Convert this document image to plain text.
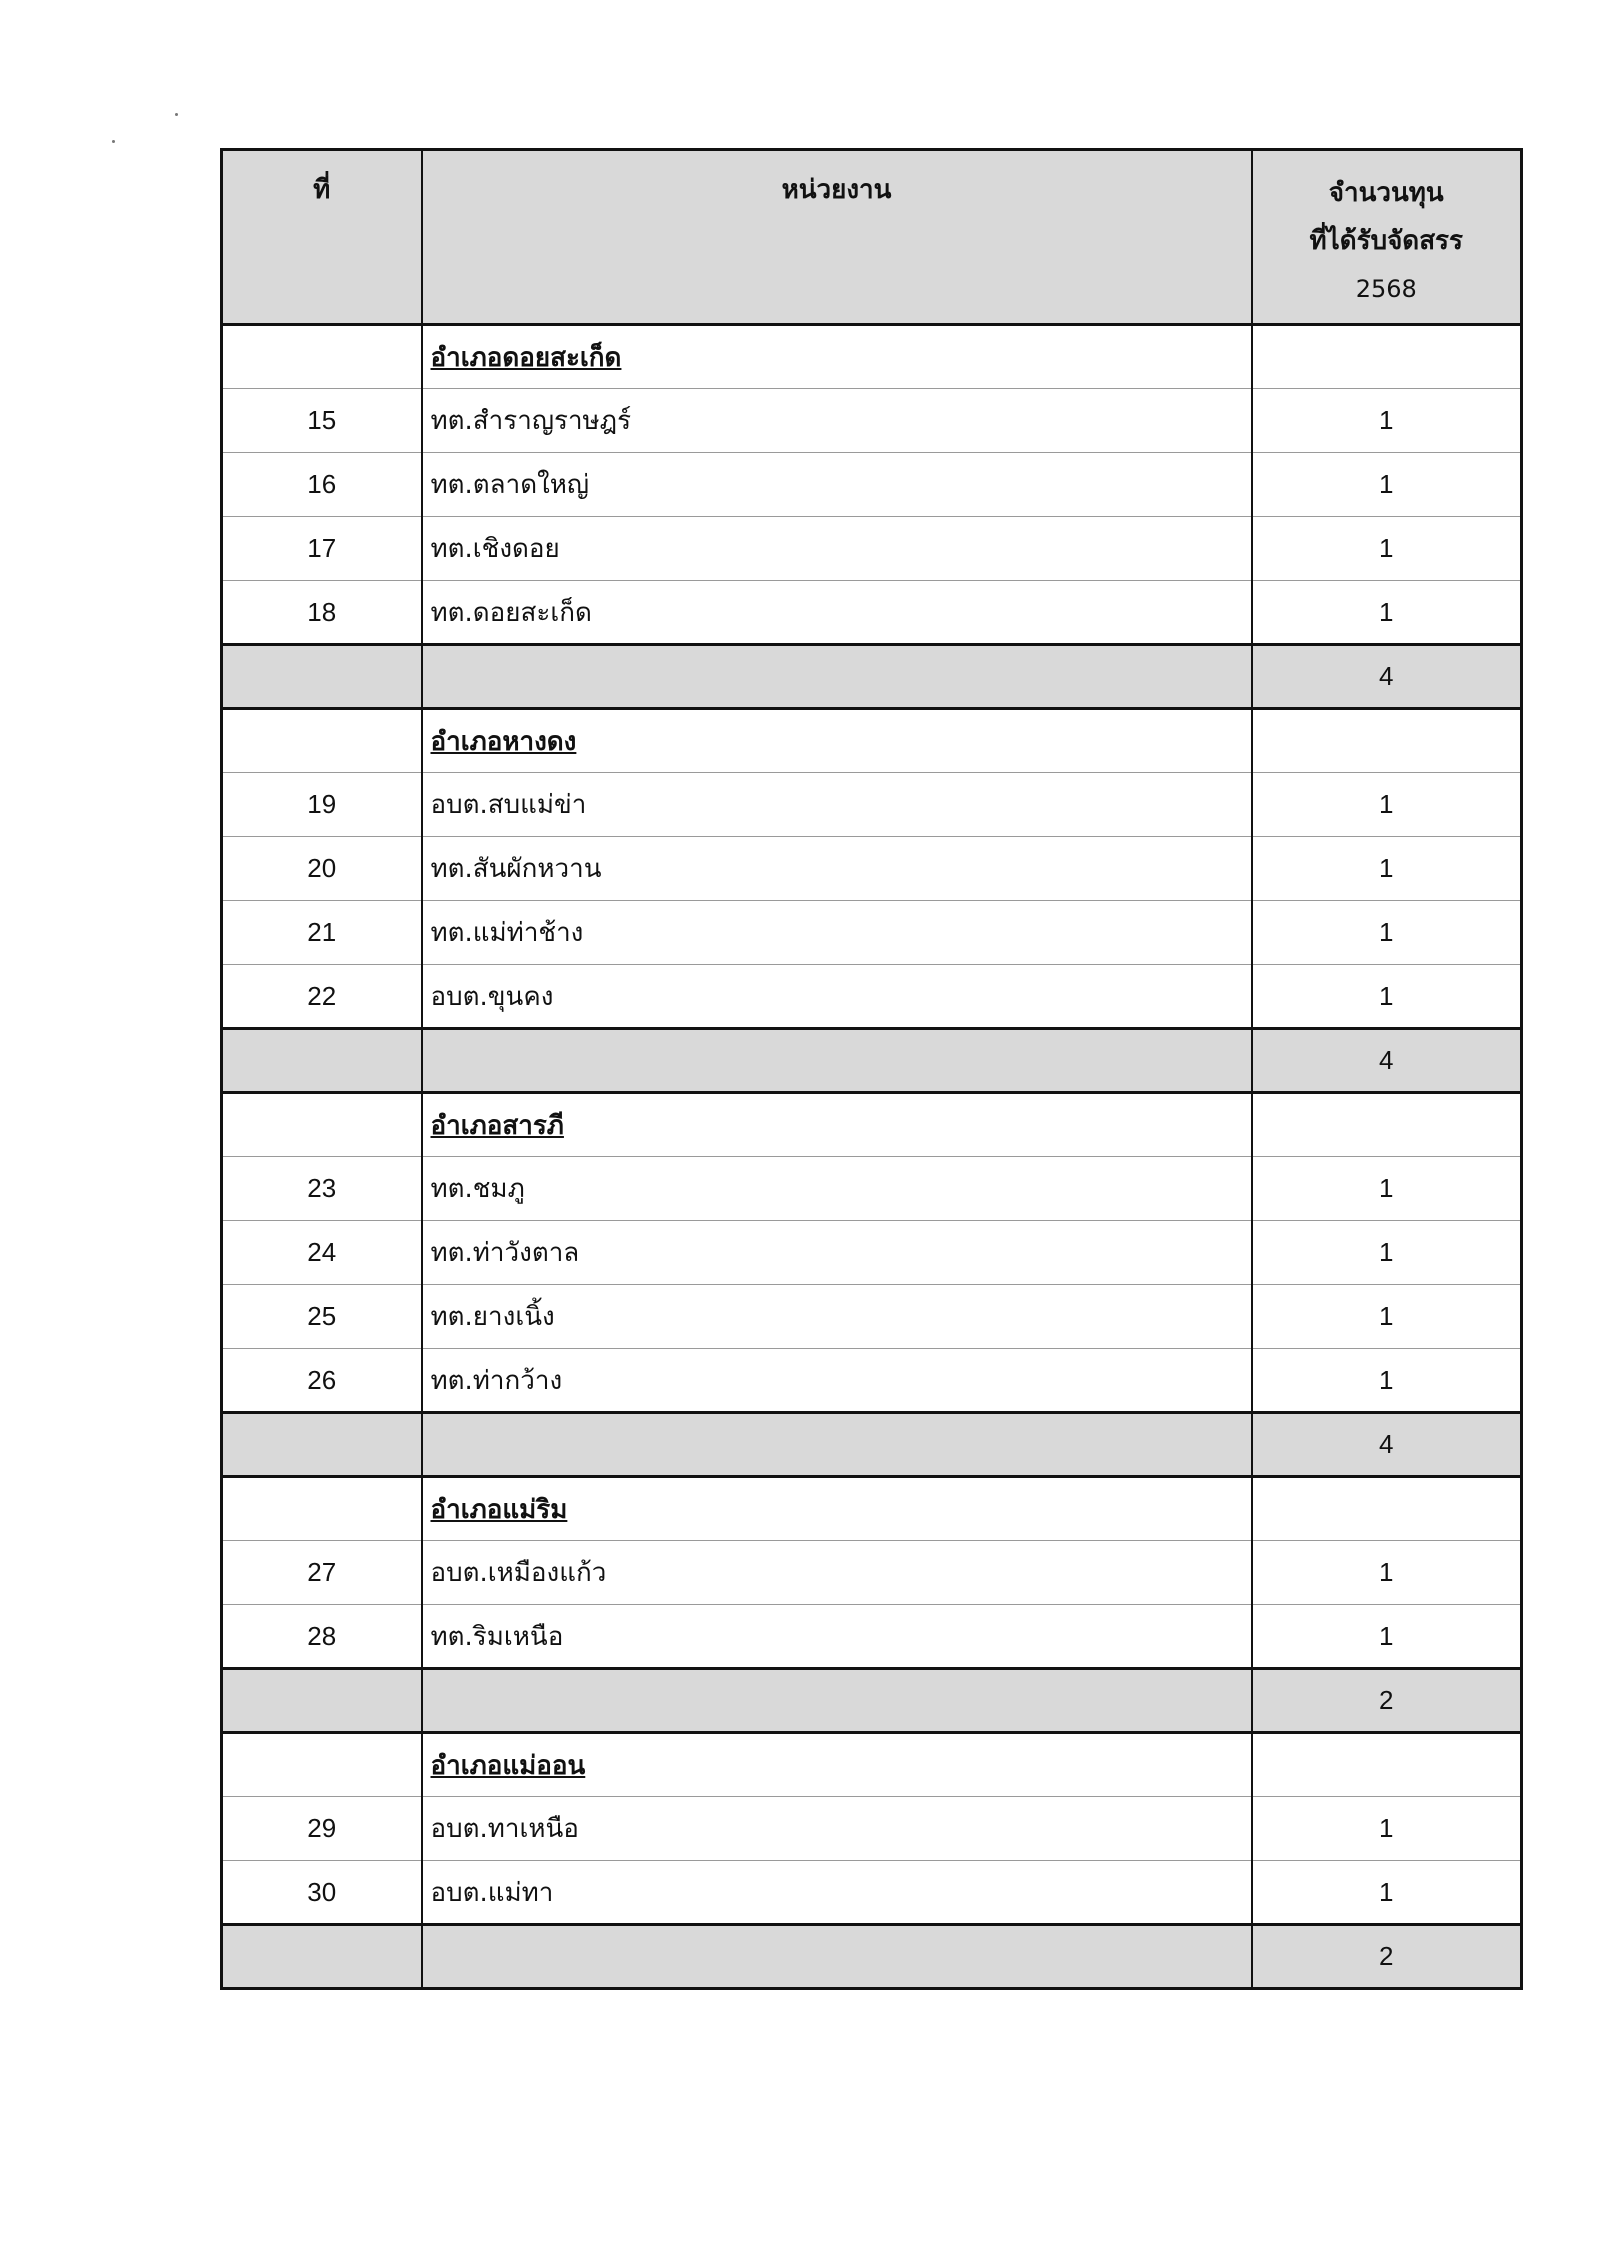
ที่	หน่วยงาน	จำนวนทุน
ที่ได้รับจัดสรร
2568

	อำเภอดอยสะเก็ด	
15	ทต.สำราญราษฎร์	1
16	ทต.ตลาดใหญ่	1
17	ทต.เชิงดอย	1
18	ทต.ดอยสะเก็ด	1
		4
	อำเภอหางดง	
19	อบต.สบแม่ข่า	1
20	ทต.สันผักหวาน	1
21	ทต.แม่ท่าช้าง	1
22	อบต.ขุนคง	1
		4
	อำเภอสารภี	
23	ทต.ชมภู	1
24	ทต.ท่าวังตาล	1
25	ทต.ยางเนิ้ง	1
26	ทต.ท่ากว้าง	1
		4
	อำเภอแม่ริม	
27	อบต.เหมืองแก้ว	1
28	ทต.ริมเหนือ	1
		2
	อำเภอแม่ออน	
29	อบต.ทาเหนือ	1
30	อบต.แม่ทา	1
		2
